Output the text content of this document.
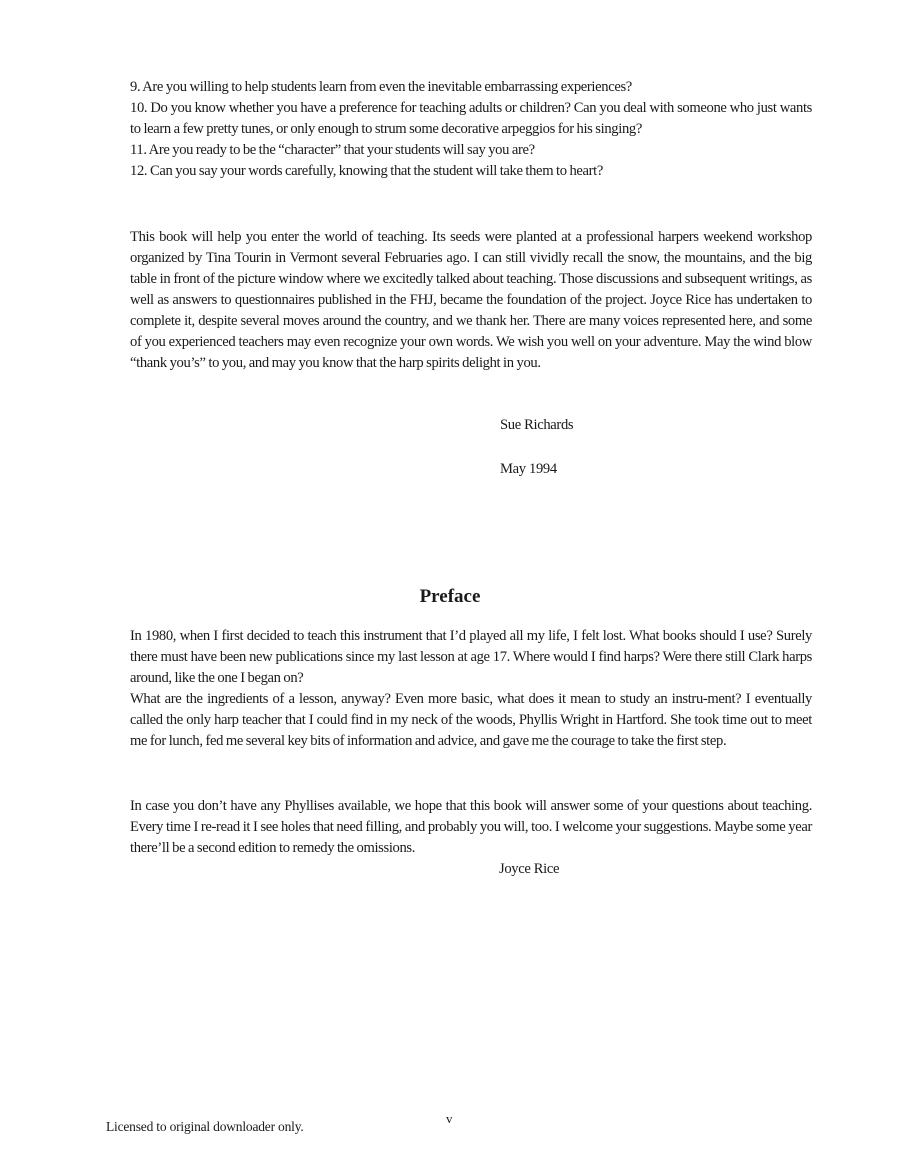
9. Are you willing to help students learn from even the inevitable embarrassing experiences?

10. Do you know whether you have a preference for teaching adults or children? Can you deal with someone who just wants to learn a few pretty tunes, or only enough to strum some decorative arpeggios for his singing?

11. Are you ready to be the “character” that your students will say you are?

12. Can you say your words carefully, knowing that the student will take them to heart?

This book will help you enter the world of teaching. Its seeds were planted at a professional harpers weekend workshop organized by Tina Tourin in Vermont several Februaries ago. I can still vividly recall the snow, the mountains, and the big table in front of the picture window where we excitedly talked about teaching. Those discussions and subsequent writings, as well as answers to questionnaires published in the FHJ, became the foundation of the project. Joyce Rice has undertaken to complete it, despite several moves around the country, and we thank her. There are many voices represented here, and some of you experienced teachers may even recognize your own words. We wish you well on your adventure. May the wind blow “thank you’s” to you, and may you know that the harp spirits delight in you.

Sue Richards
May 1994
Preface

In 1980, when I first decided to teach this instrument that I’d played all my life, I felt lost. What books should I use? Surely there must have been new publications since my last lesson at age 17. Where would I find harps? Were there still Clark harps around, like the one I began on?

What are the ingredients of a lesson, anyway? Even more basic, what does it mean to study an instru-ment? I eventually called the only harp teacher that I could find in my neck of the woods, Phyllis Wright in Hartford. She took time out to meet me for lunch, fed me several key bits of information and advice, and gave me the courage to take the first step.

In case you don’t have any Phyllises available, we hope that this book will answer some of your questions about teaching. Every time I re-read it I see holes that need filling, and probably you will, too. I welcome your suggestions. Maybe some year there’ll be a second edition to remedy the omissions.

Joyce Rice
v
Licensed to original downloader only.
